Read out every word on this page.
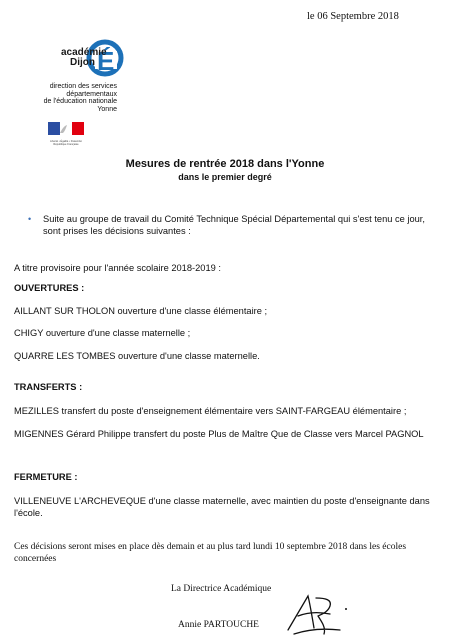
le 06 Septembre 2018
É
académie
Dijon
direction des services
départementaux
de l'éducation nationale
Yonne
Liberté • Égalité • Fraternité
République Française
Mesures de rentrée 2018 dans l'Yonne
dans le premier degré
•	Suite au groupe de travail du Comité Technique Spécial Départemental qui s'est tenu ce jour, sont prises les décisions suivantes :
A titre provisoire pour l'année scolaire 2018-2019 :
OUVERTURES :
AILLANT SUR THOLON ouverture d'une classe élémentaire ;
CHIGY ouverture d'une classe maternelle ;
QUARRE LES TOMBES ouverture d'une classe maternelle.
TRANSFERTS :
MEZILLES transfert du poste d'enseignement élémentaire vers SAINT-FARGEAU élémentaire ;
MIGENNES Gérard Philippe transfert du poste Plus de Maître Que de Classe vers Marcel PAGNOL
FERMETURE :
VILLENEUVE L'ARCHEVEQUE d'une classe maternelle, avec maintien du poste d'enseignante dans l'école.
Ces décisions seront mises en place dès demain et au plus tard lundi 10 septembre 2018 dans les écoles concernées
La Directrice Académique
Annie PARTOUCHE
